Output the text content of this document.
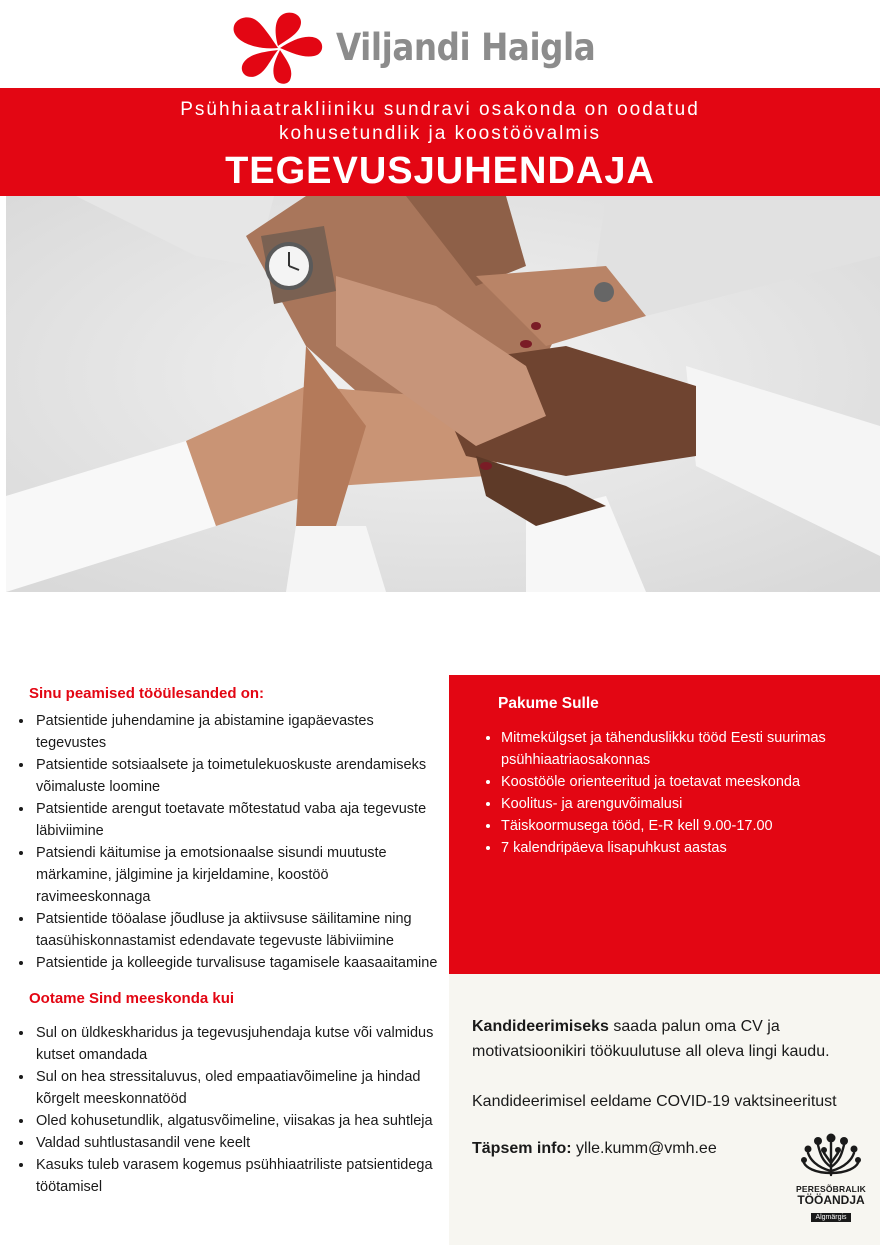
Viljandi Haigla
Psühhiaatrakliiniku sundravi osakonda on oodatud
kohusetundlik ja koostöövalmis
TEGEVUSJUHENDAJA
Sinu peamised tööülesanded on:
• Patsientide juhendamine ja abistamine igapäevastes tegevustes
• Patsientide sotsiaalsete ja toimetulekuoskuste arendamiseks võimaluste loomine
• Patsientide arengut toetavate mõtestatud vaba aja tegevuste läbiviimine
• Patsiendi käitumise ja emotsionaalse sisundi muutuste märkamine, jälgimine ja kirjeldamine, koostöö ravimeeskonnaga
• Patsientide tööalase jõudluse ja aktiivsuse säilitamine ning taasühiskonnastamist edendavate tegevuste läbiviimine
• Patsientide ja kolleegide turvalisuse tagamisele kaasaaitamine
Ootame Sind meeskonda kui
• Sul on üldkeskharidus ja tegevusjuhendaja kutse või valmidus kutset omandada
• Sul on hea stressitaluvus, oled empaatiavõimeline ja hindad kõrgelt meeskonnatööd
• Oled kohusetundlik, algatusvõimeline, viisakas ja hea suhtleja
• Valdad suhtlustasandil vene keelt
• Kasuks tuleb varasem kogemus psühhiaatriliste patsientidega töötamisel
Pakume Sulle
• Mitmekülgset ja tähenduslikku tööd Eesti suurimas psühhiaatriaosakonnas
• Koostööle orienteeritud ja toetavat meeskonda
• Koolitus- ja arenguvõimalusi
• Täiskoormusega tööd, E-R kell 9.00-17.00
• 7 kalendripäeva lisapuhkust aastas

Kandideerimiseks saada palun oma CV ja motivatsioonikiri töökuulutuse all oleva lingi kaudu.

Kandideerimisel eeldame COVID-19 vaktsineeritust

Täpsem info: ylle.kumm@vmh.ee

PERESÕBRALIK
TÖÖANDJA
Algmärgis
